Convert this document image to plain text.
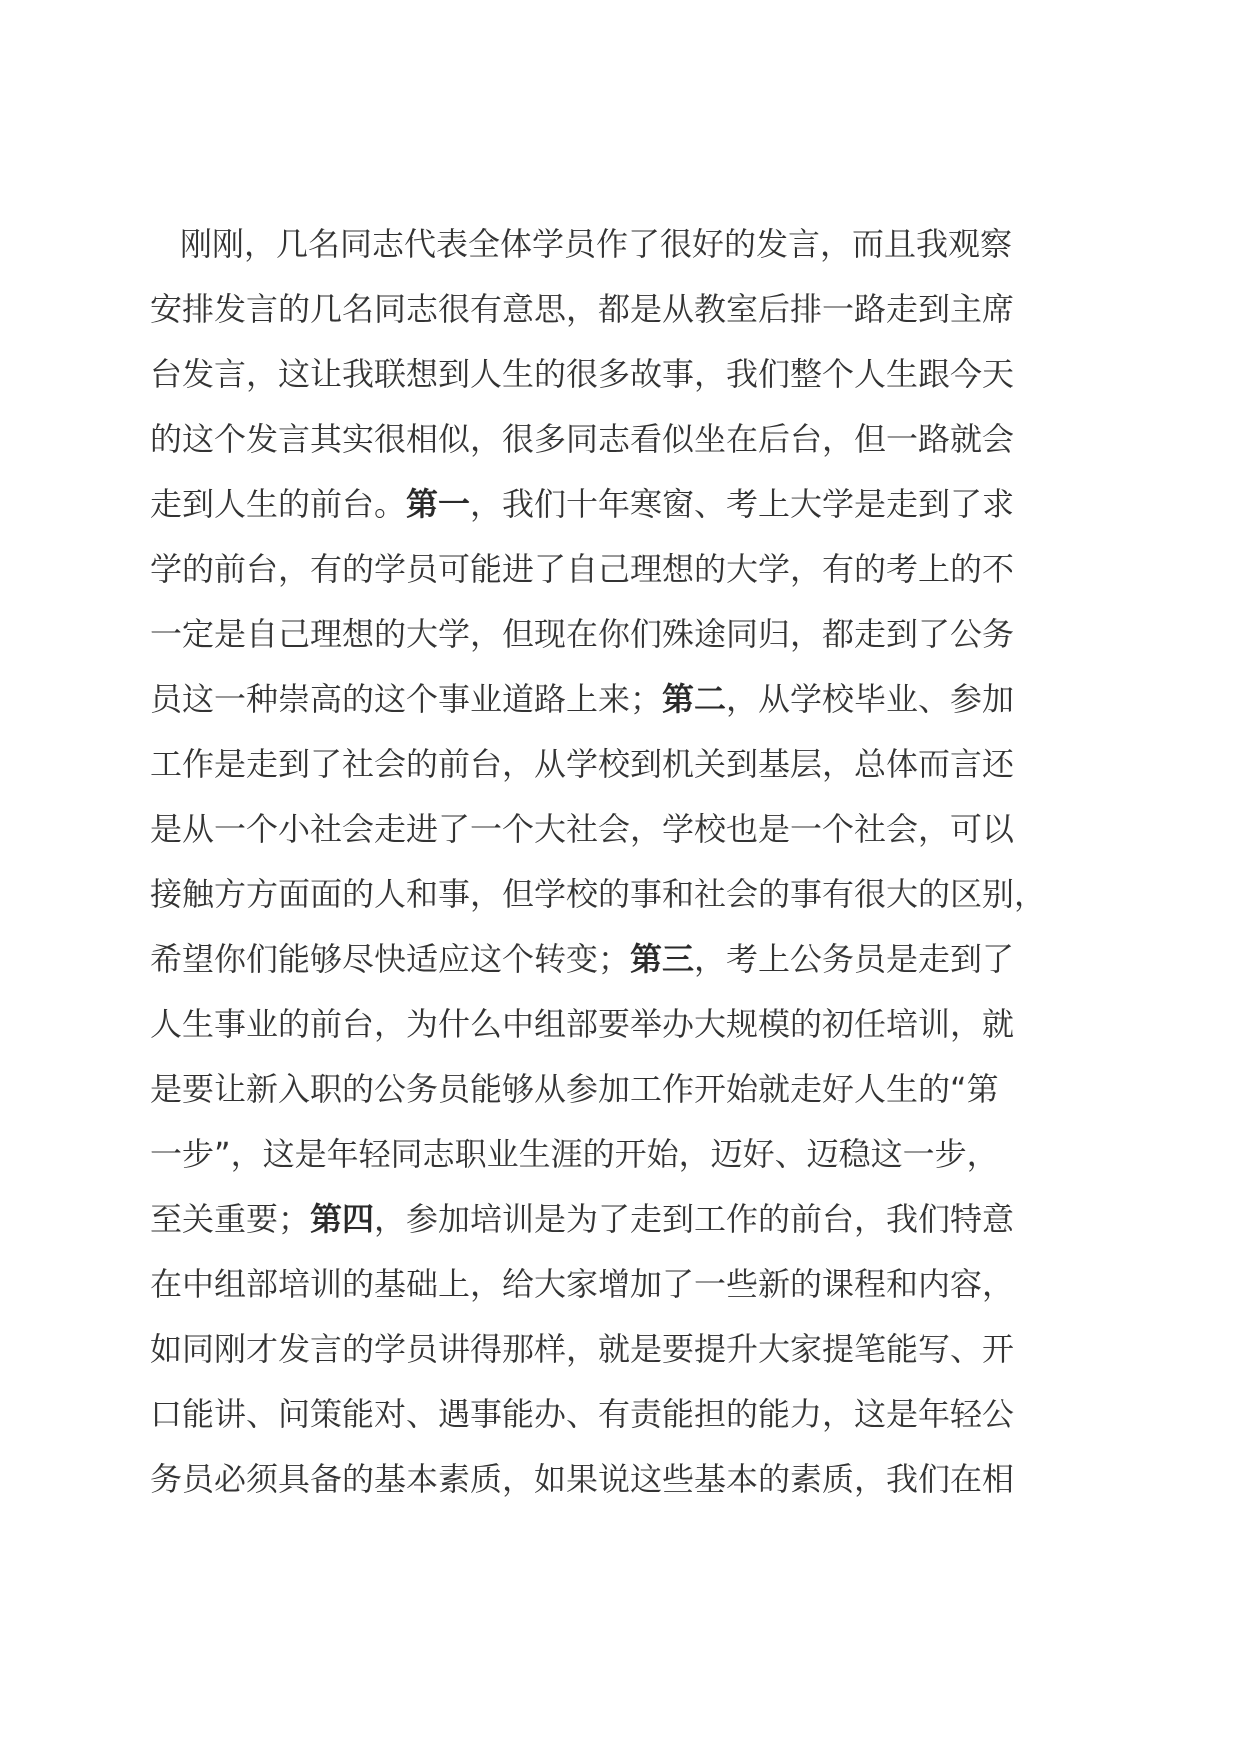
刚刚，几名同志代表全体学员作了很好的发言，而且我观察
安排发言的几名同志很有意思，都是从教室后排一路走到主席
台发言，这让我联想到人生的很多故事，我们整个人生跟今天
的这个发言其实很相似，很多同志看似坐在后台，但一路就会
走到人生的前台。第一，我们十年寒窗、考上大学是走到了求
学的前台，有的学员可能进了自己理想的大学，有的考上的不
一定是自己理想的大学，但现在你们殊途同归，都走到了公务
员这一种崇高的这个事业道路上来；第二，从学校毕业、参加
工作是走到了社会的前台，从学校到机关到基层，总体而言还
是从一个小社会走进了一个大社会，学校也是一个社会，可以
接触方方面面的人和事，但学校的事和社会的事有很大的区别，
希望你们能够尽快适应这个转变；第三，考上公务员是走到了
人生事业的前台，为什么中组部要举办大规模的初任培训，就
是要让新入职的公务员能够从参加工作开始就走好人生的“第
一步”，这是年轻同志职业生涯的开始，迈好、迈稳这一步，
至关重要；第四，参加培训是为了走到工作的前台，我们特意
在中组部培训的基础上，给大家增加了一些新的课程和内容，
如同刚才发言的学员讲得那样，就是要提升大家提笔能写、开
口能讲、问策能对、遇事能办、有责能担的能力，这是年轻公
务员必须具备的基本素质，如果说这些基本的素质，我们在相
